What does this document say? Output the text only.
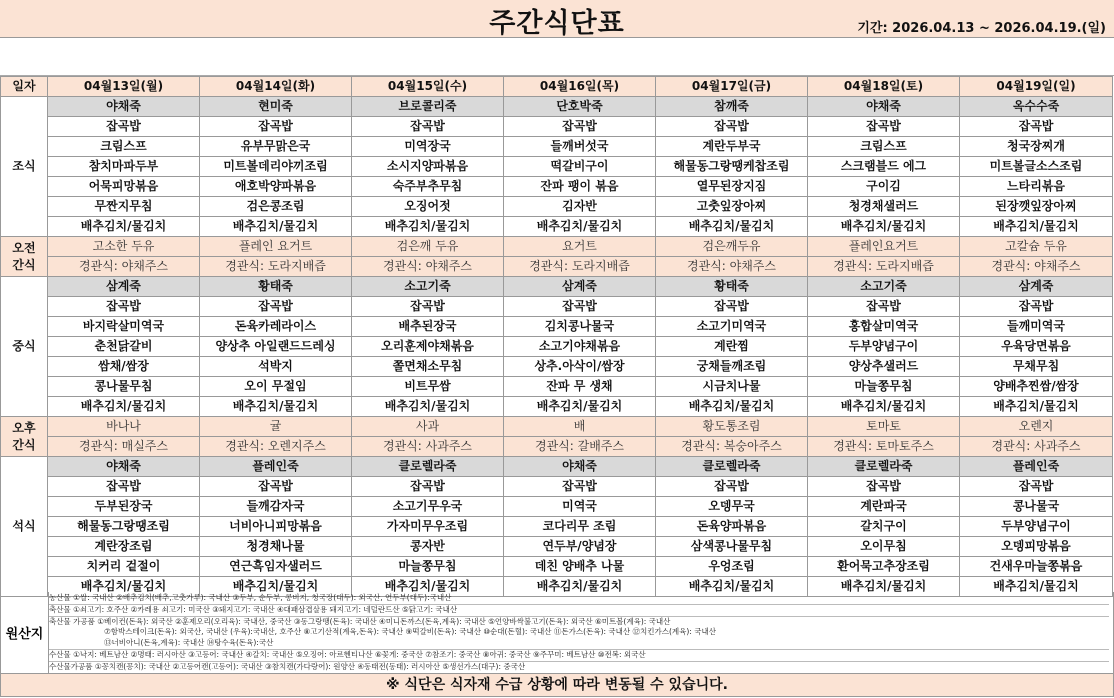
주간식단표	기간: 2026.04.13 ~ 2026.04.19.(일)
일자	04월13일(월)	04월14일(화)	04월15일(수)	04월16일(목)	04월17일(금)	04월18일(토)	04월19일(일)
조식	야채죽	현미죽	브로콜리죽	단호박죽	참깨죽	야채죽	옥수수죽
	잡곡밥	잡곡밥	잡곡밥	잡곡밥	잡곡밥	잡곡밥	잡곡밥
	크림스프	유부무맑은국	미역장국	들깨버섯국	계란두부국	크림스프	청국장찌개
	참치마파두부	미트볼데리야끼조림	소시지양파볶음	떡갈비구이	해물동그랑땡케찹조림	스크램블드 에그	미트볼글소스조림
	어묵피망볶음	애호박양파볶음	숙주부추무침	잔파 팽이 볶음	열무된장지짐	구이김	느타리볶음
	무짠지무침	검은콩조림	오징어젓	김자반	고춧잎장아찌	청경채샐러드	된장깻잎장아찌
	배추김치/물김치	배추김치/물김치	배추김치/물김치	배추김치/물김치	배추김치/물김치	배추김치/물김치	배추김치/물김치

오전
간식	고소한 두유	플레인 요거트	검은깨 두유	요거트	검은깨두유	플레인요거트	고칼슘 두유
	경관식: 야채주스	경관식: 도라지배즙	경관식: 야채주스	경관식: 도라지배즙	경관식: 야채주스	경관식: 도라지배즙	경관식: 야채주스
중식	삼계죽	황태죽	소고기죽	삼계죽	황태죽	소고기죽	삼계죽
	잡곡밥	잡곡밥	잡곡밥	잡곡밥	잡곡밥	잡곡밥	잡곡밥
	바지락살미역국	돈육카레라이스	배추된장국	김치콩나물국	소고기미역국	홍합살미역국	들깨미역국
	춘천닭갈비	양상추 아일랜드드레싱	오리훈제야채볶음	소고기야채볶음	계란찜	두부양념구이	우육당면볶음
	쌈채/쌈장	석박지	쫄면채소무침	상추.아삭이/쌈장	궁채들깨조림	양상추샐러드	무채무침
	콩나물무침	오이 무절임	비트무쌈	잔파 무 생채	시금치나물	마늘쫑무침	양배추찐쌈/쌈장
	배추김치/물김치	배추김치/물김치	배추김치/물김치	배추김치/물김치	배추김치/물김치	배추김치/물김치	배추김치/물김치

오후
간식	바나나	귤	사과	배	황도통조림	토마토	오렌지
	경관식: 매실주스	경관식: 오렌지주스	경관식: 사과주스	경관식: 갈배주스	경관식: 복숭아주스	경관식: 토마토주스	경관식: 사과주스
석식	야채죽	플레인죽	클로렐라죽	야채죽	클로렐라죽	클로렐라죽	플레인죽
	잡곡밥	잡곡밥	잡곡밥	잡곡밥	잡곡밥	잡곡밥	잡곡밥
	두부된장국	들깨감자국	소고기무우국	미역국	오뎅무국	계란파국	콩나물국
	해물동그랑땡조림	너비아니피망볶음	가자미무우조림	코다리무 조림	돈육양파볶음	갈치구이	두부양념구이
	계란장조림	청경채나물	콩자반	연두부/양념장	삼색콩나물무침	오이무침	오뎅피망볶음
	치커리 겉절이	연근흑임자샐러드	마늘쫑무침	데친 양배추 나물	우엉조림	환어묵고추장조림	건새우마늘쫑볶음
	배추김치/물김치	배추김치/물김치	배추김치/물김치	배추김치/물김치	배추김치/물김치	배추김치/물김치	배추김치/물김치
원산지
농산물 ①쌀: 국내산 ②배추김치(배추,고춧가루): 국내산 ③두부, 순두부, 콩비지, 청국장(대두): 외국산, 연두부(대두):국내산
축산물 ①쇠고기: 호주산 ②카레용 쇠고기: 미국산 ③돼지고기: 국내산 ④대패삼겹살용 돼지고기: 네덜란드산 ⑤닭고기: 국내산
축산물 가공품 ①베이컨(돈육): 외국산 ②훈제오리(오리육): 국내산, 중국산 ③동그랑땡(돈육): 국내산 ④미니돈까스(돈육,계육): 국내산 ⑤언양바싹불고기(돈육): 외국산 ⑥미트볼(계육): 국내산
⑦함박스테이크(돈육): 외국산, 국내산 (우육):국내산, 호주산 ⑧고기산적(계육,돈육): 국내산 ⑨떡갈비(돈육): 국내산 ⑩순대(돈혈): 국내산 ⑪돈가스(돈육): 국내산 ⑫치킨가스(계육): 국내산
⑬너비아니(돈육,계육): 국내산 ⑭탕수육(돈육):국산
수산물 ①낙지: 베트남산 ②명태: 러시아산 ③고등어: 국내산 ④갈치: 국내산 ⑤오징어: 아르헨티나산 ⑥꽃게: 중국산 ⑦참조기: 중국산 ⑧아귀: 중국산 ⑨주꾸미: 베트남산 ⑩전복: 외국산
수산물가공품 ①꽁치캔(꽁치): 국내산 ②고등어캔(고등어): 국내산 ③참치캔(가다랑어): 원양산 ④동태전(동태): 러시아산 ⑤생선가스(대구): 중국산
※ 식단은 식자재 수급 상황에 따라 변동될 수 있습니다.
